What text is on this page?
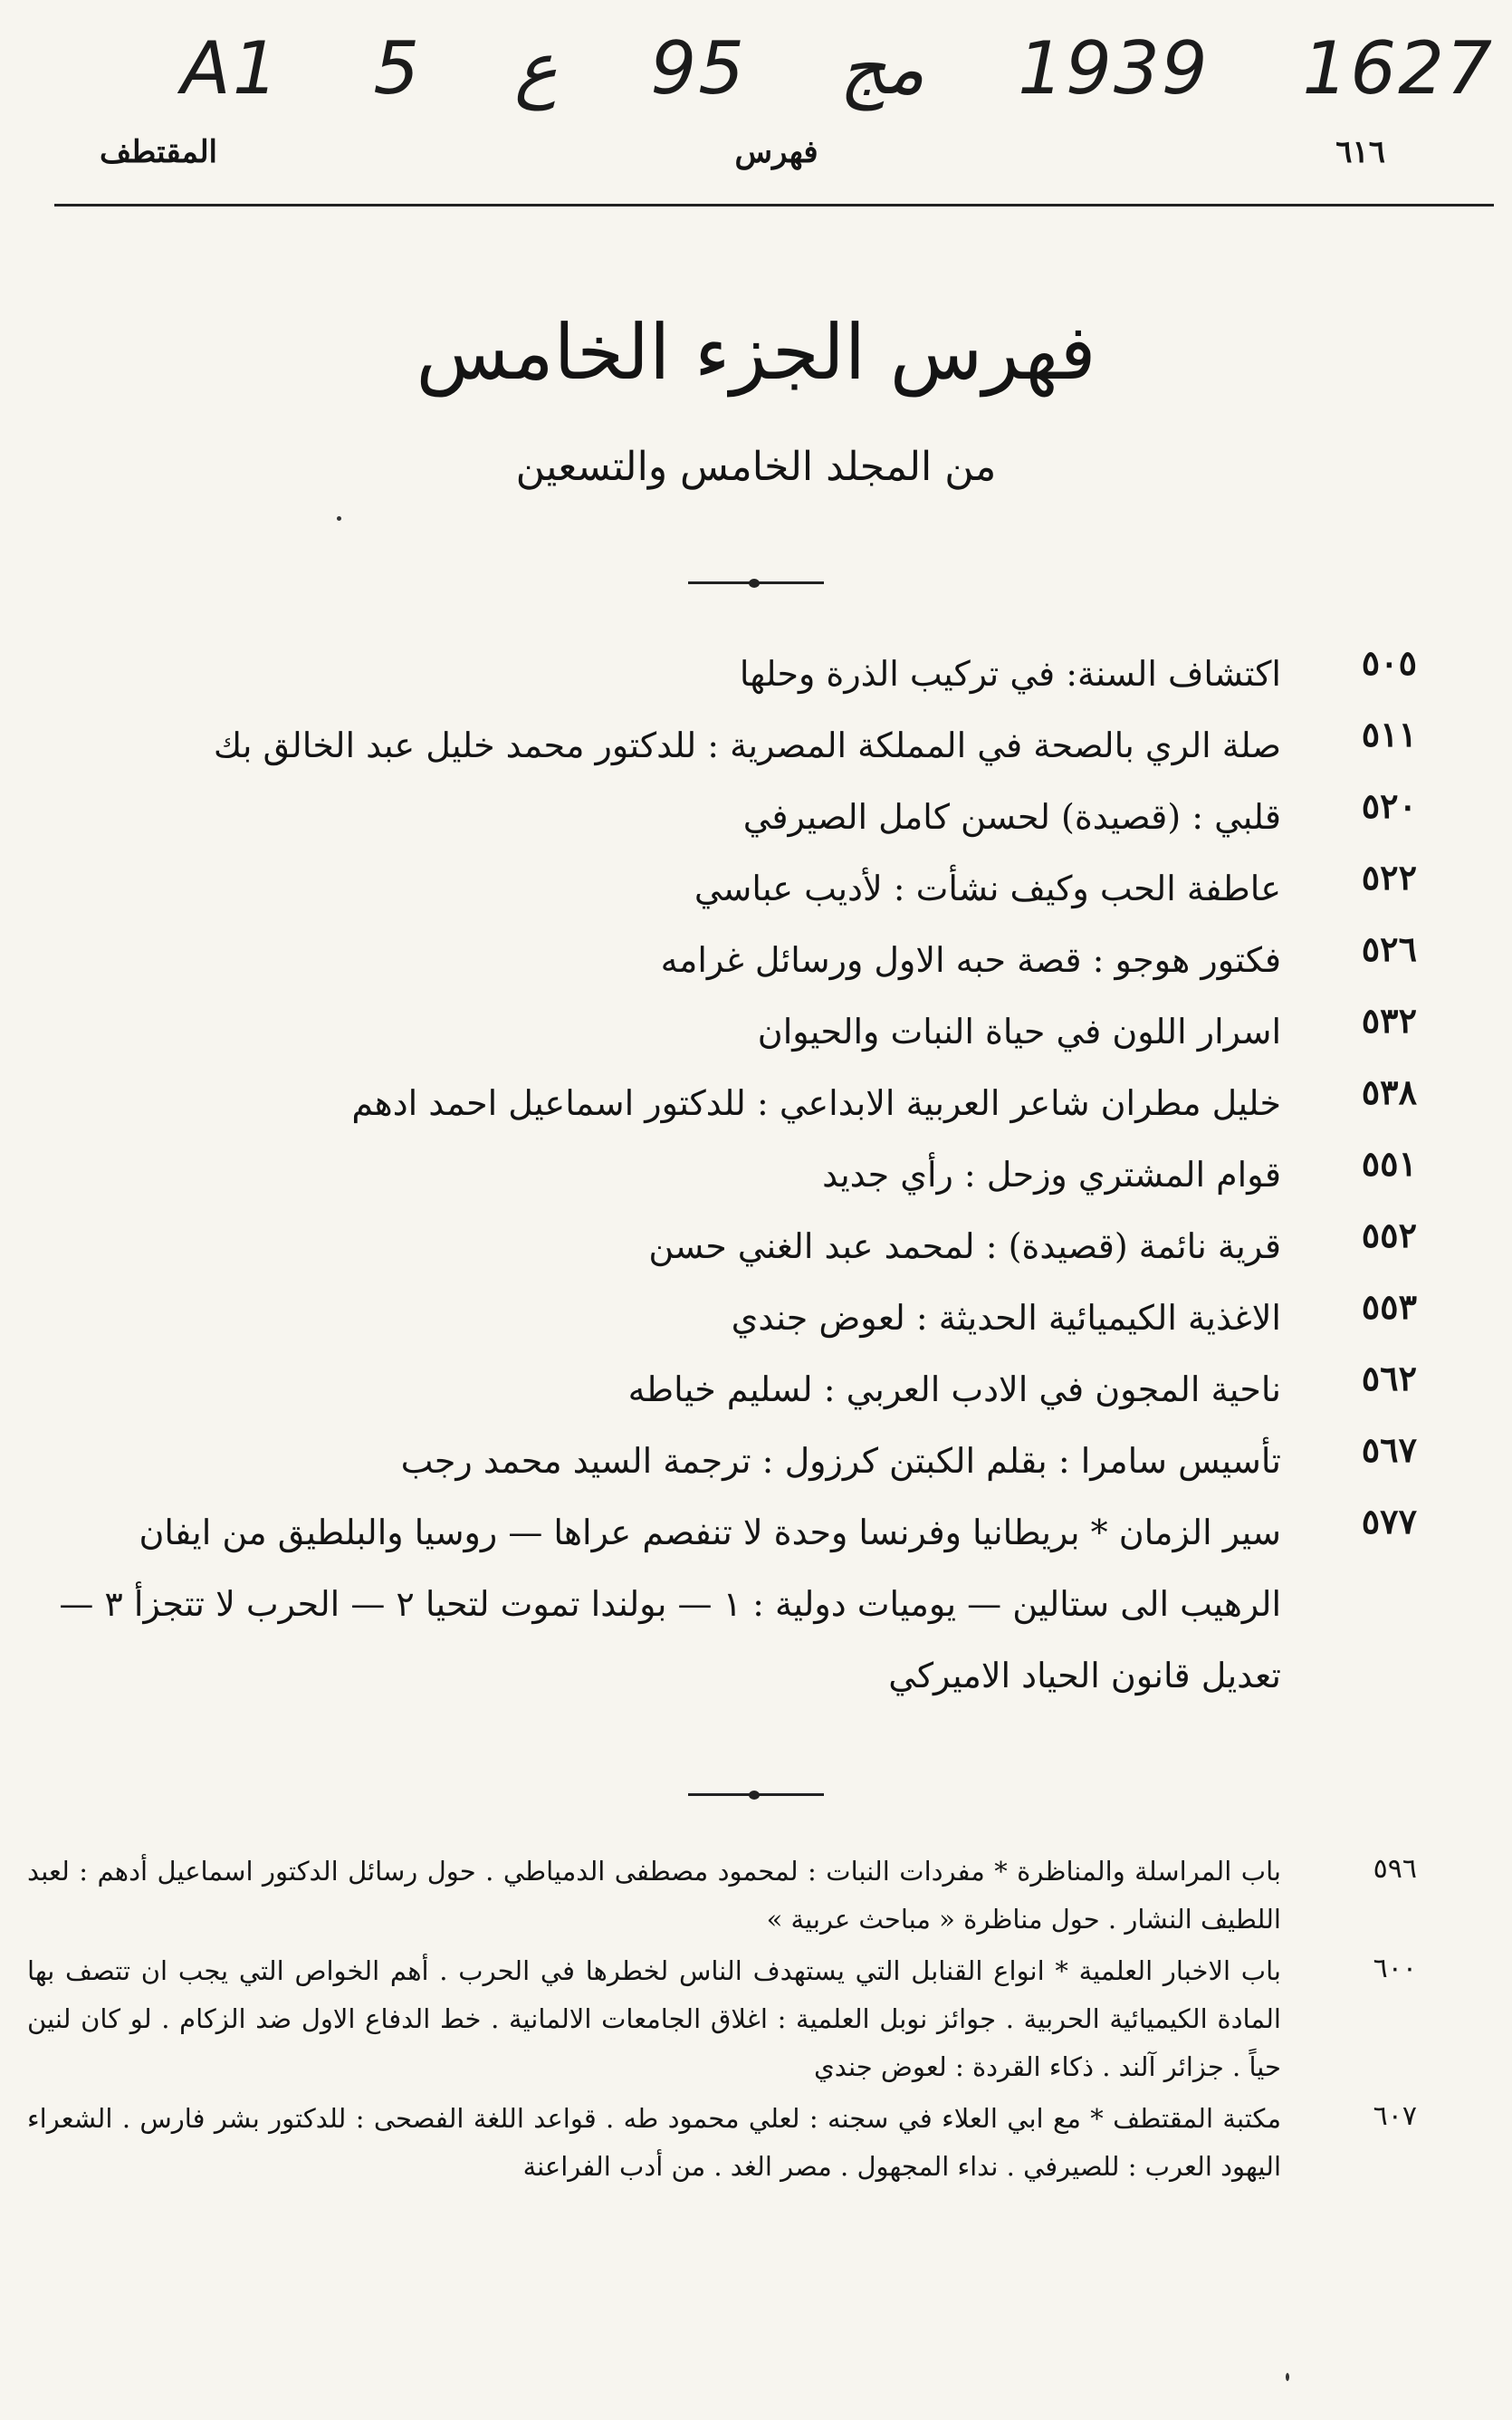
A1 5 ع 95 مج 1939 1627
المقتطف	فهرس	٦١٦
فهرس الجزء الخامس
من المجلد الخامس والتسعين
٥٠٥
اكتشاف السنة: في تركيب الذرة وحلها
٥١١
صلة الري بالصحة في المملكة المصرية : للدكتور محمد خليل عبد الخالق بك
٥٢٠
قلبي : (قصيدة) لحسن كامل الصيرفي
٥٢٢
عاطفة الحب وكيف نشأت : لأديب عباسي
٥٢٦
فكتور هوجو : قصة حبه الاول ورسائل غرامه
٥٣٢
اسرار اللون في حياة النبات والحيوان
٥٣٨
خليل مطران شاعر العربية الابداعي : للدكتور اسماعيل احمد ادهم
٥٥١
قوام المشتري وزحل : رأي جديد
٥٥٢
قرية نائمة (قصيدة) : لمحمد عبد الغني حسن
٥٥٣
الاغذية الكيميائية الحديثة : لعوض جندي
٥٦٢
ناحية المجون في الادب العربي : لسليم خياطه
٥٦٧
تأسيس سامرا : بقلم الكبتن كرزول : ترجمة السيد محمد رجب
٥٧٧
سير الزمان * بريطانيا وفرنسا وحدة لا تنفصم عراها — روسيا والبلطيق من ايفان الرهيب الى ستالين — يوميات دولية : ١ — بولندا تموت لتحيا ٢ — الحرب لا تتجزأ ٣ — تعديل قانون الحياد الاميركي
٥٩٦
باب المراسلة والمناظرة * مفردات النبات : لمحمود مصطفى الدمياطي . حول رسائل الدكتور اسماعيل أدهم : لعبد اللطيف النشار . حول مناظرة « مباحث عربية »
٦٠٠
باب الاخبار العلمية * انواع القنابل التي يستهدف الناس لخطرها في الحرب . أهم الخواص التي يجب ان تتصف بها المادة الكيميائية الحربية . جوائز نوبل العلمية : اغلاق الجامعات الالمانية . خط الدفاع الاول ضد الزكام . لو كان لنين حياً . جزائر آلند . ذكاء القردة : لعوض جندي
٦٠٧
مكتبة المقتطف * مع ابي العلاء في سجنه : لعلي محمود طه . قواعد اللغة الفصحى : للدكتور بشر فارس . الشعراء اليهود العرب : للصيرفي . نداء المجهول . مصر الغد . من أدب الفراعنة
